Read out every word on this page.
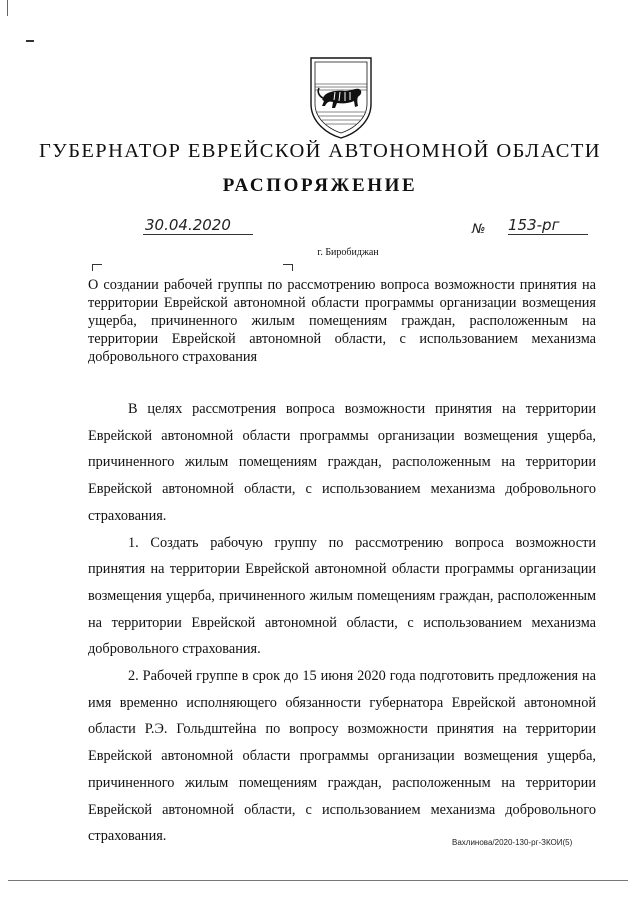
ГУБЕРНАТОР ЕВРЕЙСКОЙ АВТОНОМНОЙ ОБЛАСТИ
РАСПОРЯЖЕНИЕ
30.04.2020	№ 153-рг
г. Биробиджан
О создании рабочей группы по рассмотрению вопроса возможности принятия на территории Еврейской автономной области программы организации возмещения ущерба, причиненного жилым помещениям граждан, расположенным на территории Еврейской автономной области, с использованием механизма добровольного страхования

В целях рассмотрения вопроса возможности принятия на территории Еврейской автономной области программы организации возмещения ущерба, причиненного жилым помещениям граждан, расположенным на территории Еврейской автономной области, с использованием механизма добровольного страхования.

1. Создать рабочую группу по рассмотрению вопроса возможности принятия на территории Еврейской автономной области программы организации возмещения ущерба, причиненного жилым помещениям граждан, расположенным на территории Еврейской автономной области, с использованием механизма добровольного страхования.

2. Рабочей группе в срок до 15 июня 2020 года подготовить предложения на имя временно исполняющего обязанности губернатора Еврейской автономной области Р.Э. Гольдштейна по вопросу возможности принятия на территории Еврейской автономной области программы организации возмещения ущерба, причиненного жилым помещениям граждан, расположенным на территории Еврейской автономной области, с использованием механизма добровольного страхования.	Вахлинова/2020-130-рг-ЗКОИ(5)
